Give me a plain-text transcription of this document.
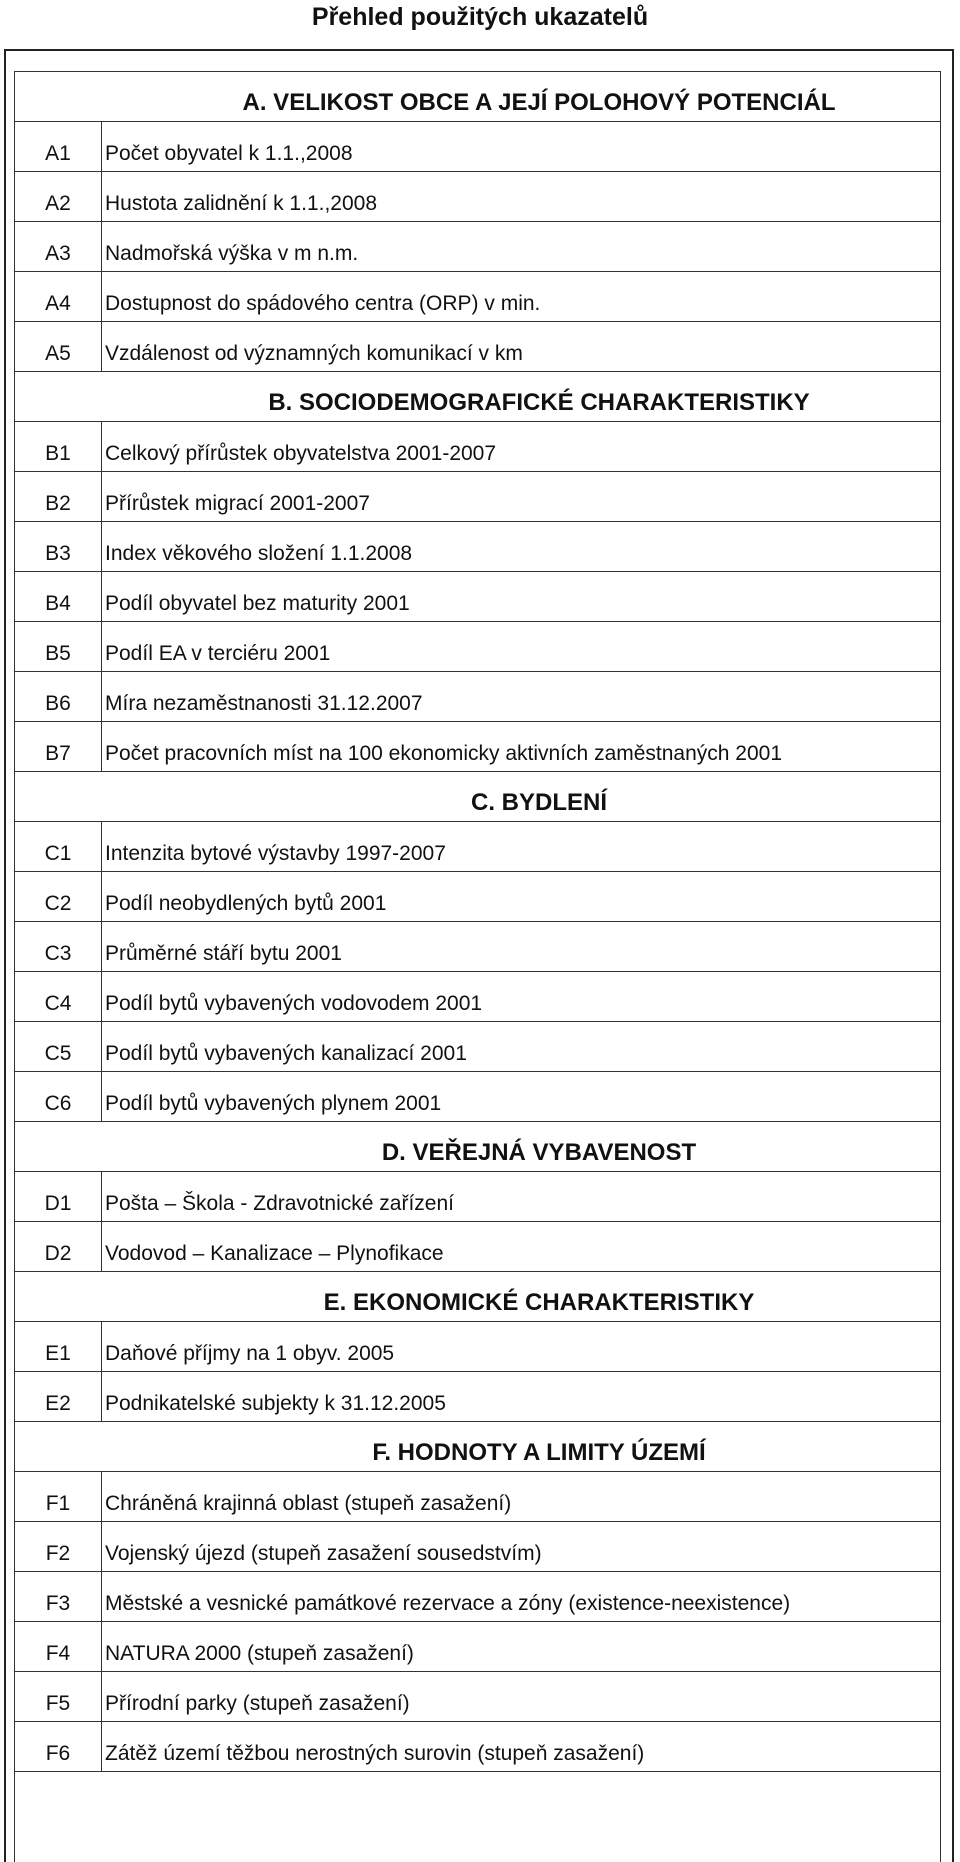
Přehled použitých ukazatelů
A. VELIKOST OBCE A JEJÍ POLOHOVÝ POTENCIÁL
A1	Počet obyvatel k 1.1.,2008
A2	Hustota zalidnění k 1.1.,2008
A3	Nadmořská výška v m n.m.
A4	Dostupnost do spádového centra (ORP) v min.
A5	Vzdálenost od významných komunikací v km
B. SOCIODEMOGRAFICKÉ CHARAKTERISTIKY
B1	Celkový přírůstek obyvatelstva 2001-2007
B2	Přírůstek migrací 2001-2007
B3	Index věkového složení 1.1.2008
B4	Podíl obyvatel bez maturity 2001
B5	Podíl EA v terciéru 2001
B6	Míra nezaměstnanosti 31.12.2007
B7	Počet pracovních míst na 100 ekonomicky aktivních zaměstnaných 2001
C. BYDLENÍ
C1	Intenzita bytové výstavby 1997-2007
C2	Podíl neobydlených bytů 2001
C3	Průměrné stáří bytu 2001
C4	Podíl bytů vybavených vodovodem 2001
C5	Podíl bytů vybavených kanalizací 2001
C6	Podíl bytů vybavených plynem 2001
D. VEŘEJNÁ VYBAVENOST
D1	Pošta – Škola - Zdravotnické zařízení
D2	Vodovod – Kanalizace – Plynofikace
E. EKONOMICKÉ CHARAKTERISTIKY
E1	Daňové příjmy na 1 obyv. 2005
E2	Podnikatelské subjekty k 31.12.2005
F. HODNOTY A LIMITY ÚZEMÍ
F1	Chráněná krajinná oblast (stupeň zasažení)
F2	Vojenský újezd (stupeň zasažení sousedstvím)
F3	Městské a vesnické památkové rezervace a zóny (existence-neexistence)
F4	NATURA 2000 (stupeň zasažení)
F5	Přírodní parky (stupeň zasažení)
F6	Zátěž území těžbou nerostných surovin (stupeň zasažení)
